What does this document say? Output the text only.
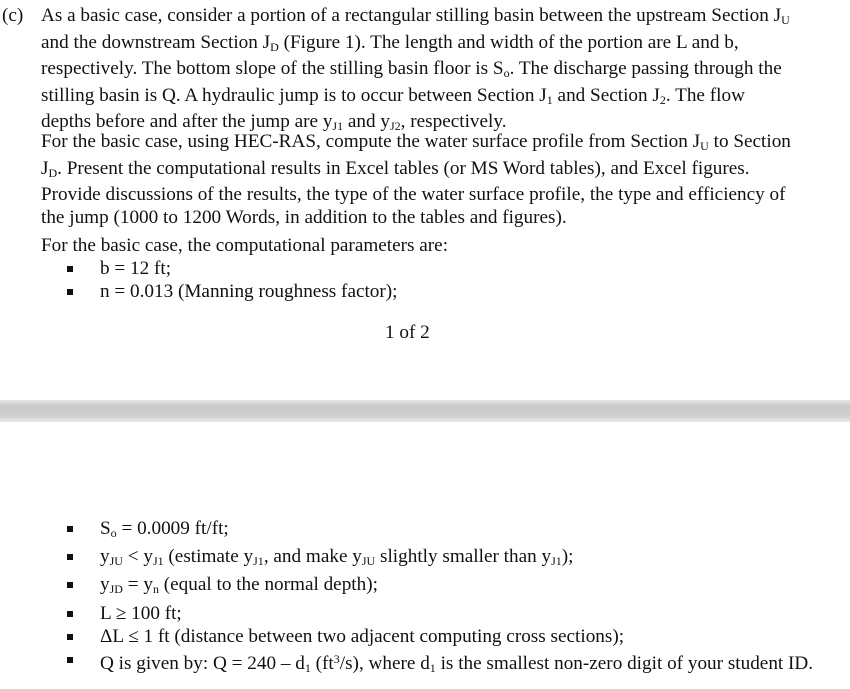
(c) As a basic case, consider a portion of a rectangular stilling basin between the upstream Section $J_U$
and the downstream Section $J_D$ (Figure 1). The length and width of the portion are L and b,
respectively. The bottom slope of the stilling basin floor is $S_o$. The discharge passing through the
stilling basin is Q. A hydraulic jump is to occur between Section $J_1$ and Section $J_2$. The flow
depths before and after the jump are $y_{J1}$ and $y_{J2}$, respectively.
For the basic case, using HEC-RAS, compute the water surface profile from Section $J_U$ to Section
$J_D$. Present the computational results in Excel tables (or MS Word tables), and Excel figures.
Provide discussions of the results, the type of the water surface profile, the type and efficiency of
the jump (1000 to 1200 Words, in addition to the tables and figures).
For the basic case, the computational parameters are:
b = 12 ft;
n = 0.013 (Manning roughness factor);
1 of 2
$S_o = 0.0009$ ft/ft;
$y_{JU} < y_{J1}$ (estimate $y_{J1}$, and make $y_{JU}$ slightly smaller than $y_{J1}$);
$y_{JD} = y_n$ (equal to the normal depth);
L ≥ 100 ft;
ΔL ≤ 1 ft (distance between two adjacent computing cross sections);
Q is given by: $Q = 240 - d_1$ $(ft^3/s)$, where $d_1$ is the smallest non-zero digit of your student ID.
